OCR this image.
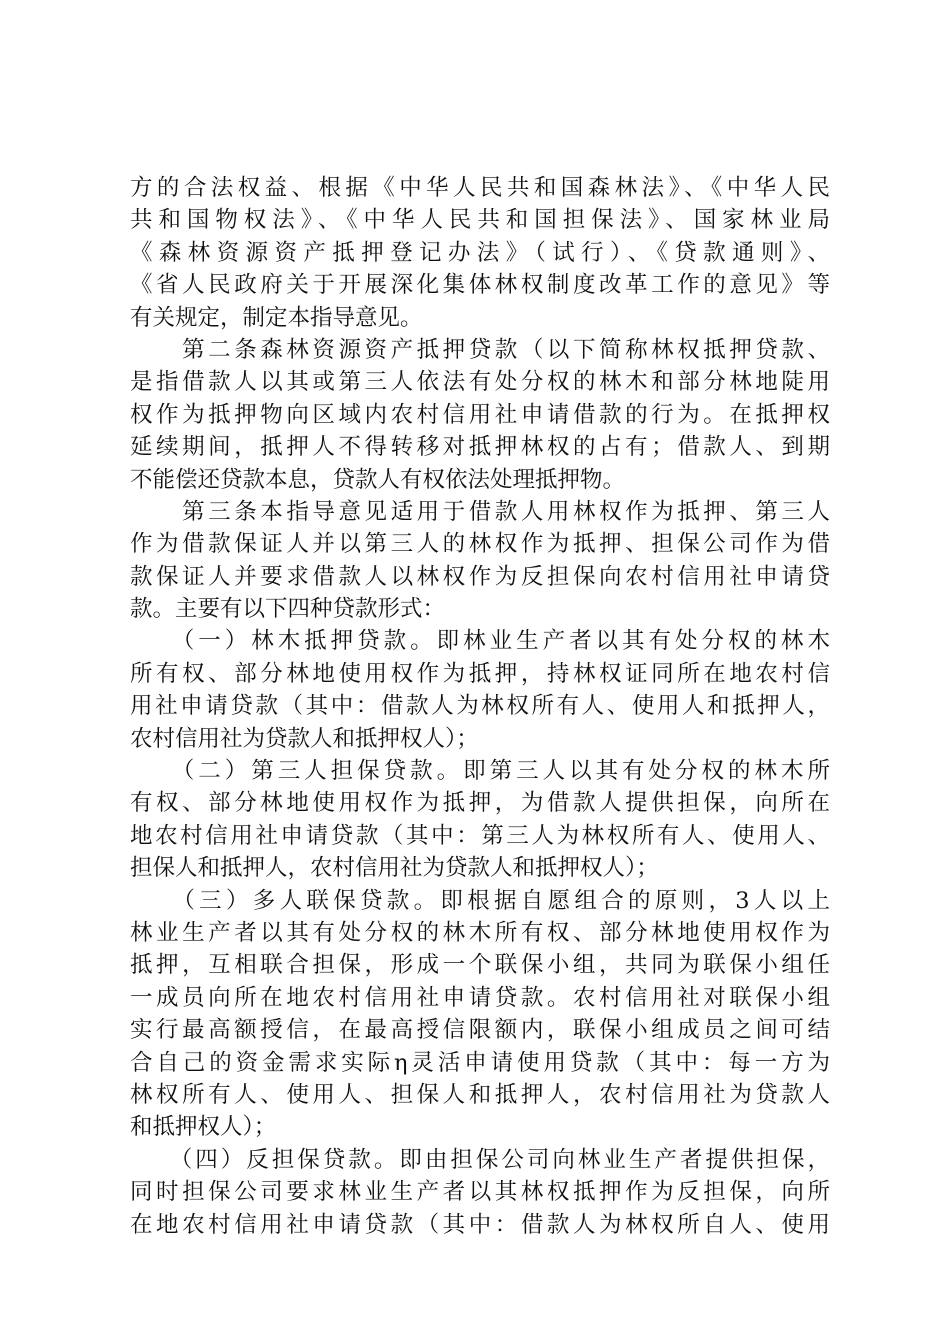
方的合法权益、根据《中华人民共和国森林法》、《中华人民
共和国物权法》、《中华人民共和国担保法》、国家林业局
《森林资源资产抵押登记办法》（试行）、《贷款通则》、
《省人民政府关于开展深化集体林权制度改革工作的意见》等
有关规定，制定本指导意见。
　　第二条森林资源资产抵押贷款（以下简称林权抵押贷款、
是指借款人以其或第三人依法有处分权的林木和部分林地陡用
权作为抵押物向区域内农村信用社申请借款的行为。在抵押权
延续期间，抵押人不得转移对抵押林权的占有；借款人、到期
不能偿还贷款本息，贷款人有权依法处理抵押物。
　　第三条本指导意见适用于借款人用林权作为抵押、第三人
作为借款保证人并以第三人的林权作为抵押、担保公司作为借
款保证人并要求借款人以林权作为反担保向农村信用社申请贷
款。主要有以下四种贷款形式：
　　（一）林木抵押贷款。即林业生产者以其有处分权的林木
所有权、部分林地使用权作为抵押，持林权证同所在地农村信
用社申请贷款（其中：借款人为林权所有人、使用人和抵押人，
农村信用社为贷款人和抵押权人）；
　　（二）第三人担保贷款。即第三人以其有处分权的林木所
有权、部分林地使用权作为抵押，为借款人提供担保，向所在
地农村信用社申请贷款（其中：第三人为林权所有人、使用人、
担保人和抵押人，农村信用社为贷款人和抵押权人）；
　　（三）多人联保贷款。即根据自愿组合的原则，3人以上
林业生产者以其有处分权的林木所有权、部分林地使用权作为
抵押，互相联合担保，形成一个联保小组，共同为联保小组任
一成员向所在地农村信用社申请贷款。农村信用社对联保小组
实行最高额授信，在最高授信限额内，联保小组成员之间可结
合自己的资金需求实际η灵活申请使用贷款（其中：每一方为
林权所有人、使用人、担保人和抵押人，农村信用社为贷款人
和抵押权人）；
　　（四）反担保贷款。即由担保公司向林业生产者提供担保，
同时担保公司要求林业生产者以其林权抵押作为反担保，向所
在地农村信用社申请贷款（其中：借款人为林权所自人、使用
